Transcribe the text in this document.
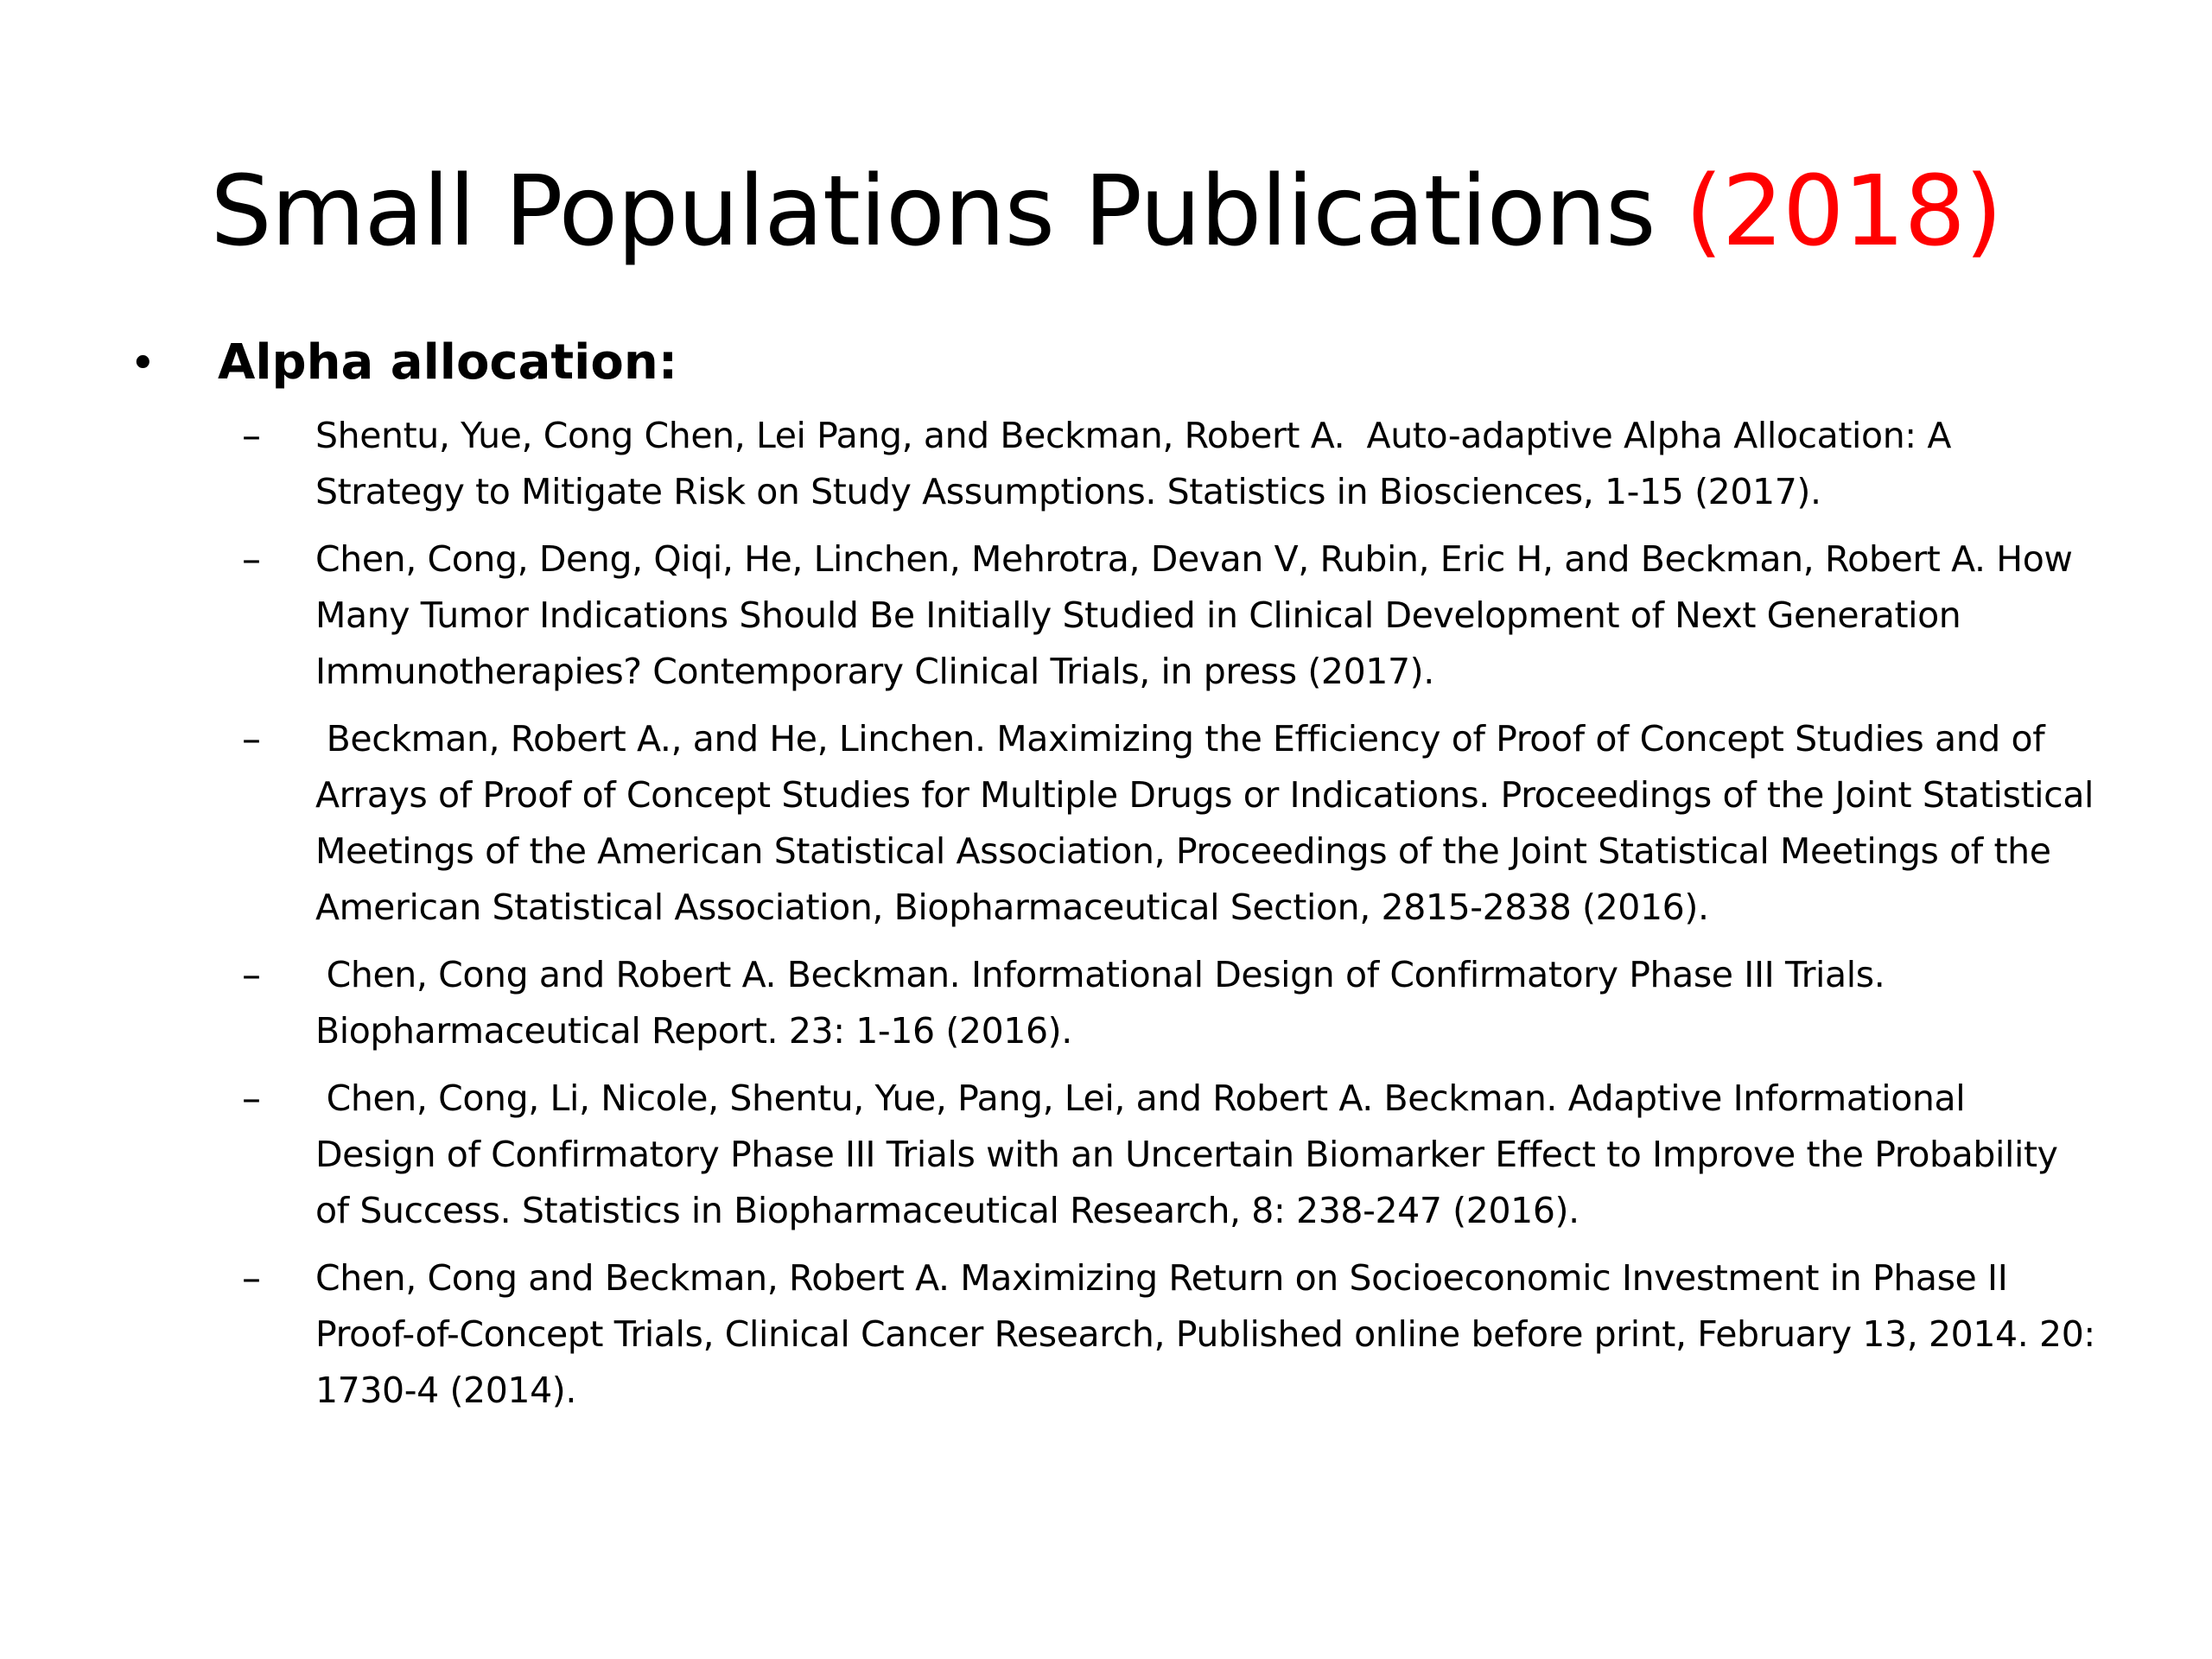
Small Populations Publications (2018)
•	Alpha allocation:
–	Shentu, Yue, Cong Chen, Lei Pang, and Beckman, Robert A.  Auto-adaptive Alpha Allocation: A Strategy to Mitigate Risk on Study Assumptions. Statistics in Biosciences, 1-15 (2017).
–	Chen, Cong, Deng, Qiqi, He, Linchen, Mehrotra, Devan V, Rubin, Eric H, and Beckman, Robert A. How Many Tumor Indications Should Be Initially Studied in Clinical Development of Next Generation Immunotherapies? Contemporary Clinical Trials, in press (2017).
–	Beckman, Robert A., and He, Linchen. Maximizing the Efficiency of Proof of Concept Studies and of Arrays of Proof of Concept Studies for Multiple Drugs or Indications. Proceedings of the Joint Statistical Meetings of the American Statistical Association, Proceedings of the Joint Statistical Meetings of the American Statistical Association, Biopharmaceutical Section, 2815-2838 (2016).
–	Chen, Cong and Robert A. Beckman. Informational Design of Confirmatory Phase III Trials. Biopharmaceutical Report. 23: 1-16 (2016).
–	Chen, Cong, Li, Nicole, Shentu, Yue, Pang, Lei, and Robert A. Beckman. Adaptive Informational Design of Confirmatory Phase III Trials with an Uncertain Biomarker Effect to Improve the Probability of Success. Statistics in Biopharmaceutical Research, 8: 238-247 (2016).
–	Chen, Cong and Beckman, Robert A. Maximizing Return on Socioeconomic Investment in Phase II Proof-of-Concept Trials, Clinical Cancer Research, Published online before print, February 13, 2014. 20: 1730-4 (2014).
